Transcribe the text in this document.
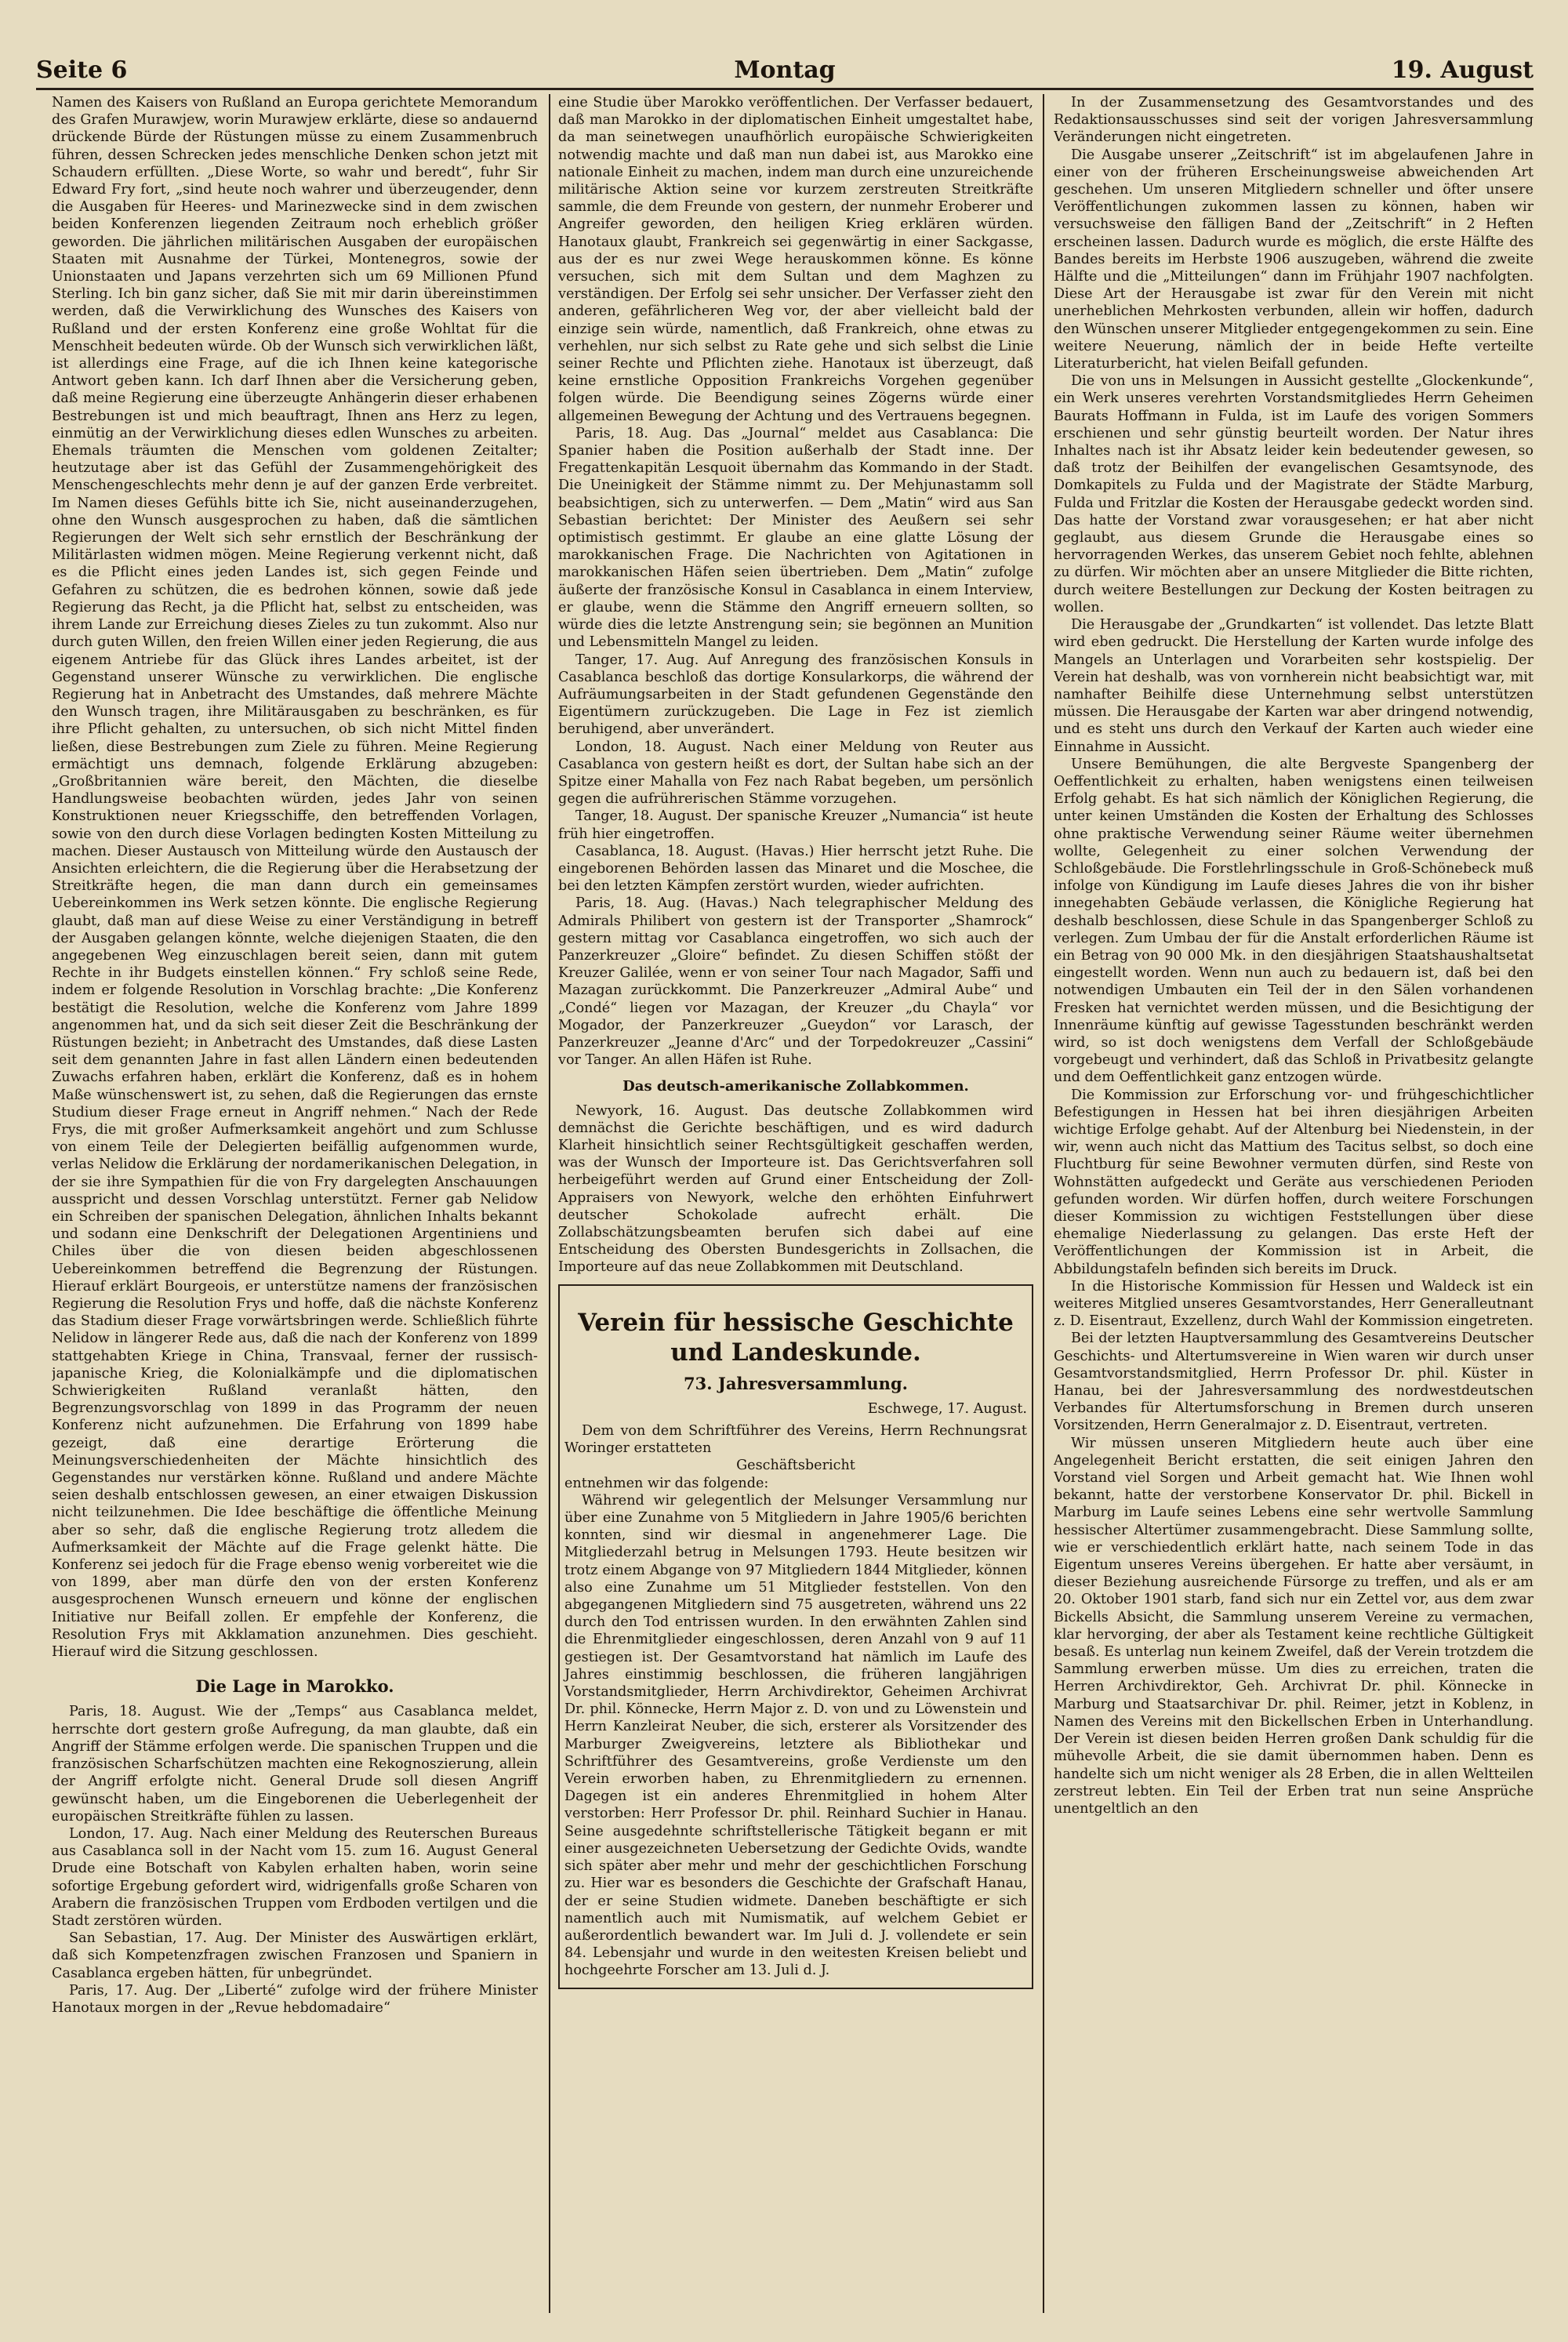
Seite 6	Montag	19. August

Namen des Kaisers von Rußland an Europa gerichtete Memorandum des Grafen Murawjew, worin Murawjew erklärte, diese so andauernd drückende Bürde der Rüstungen müsse zu einem Zusammenbruch führen, dessen Schrecken jedes menschliche Denken schon jetzt mit Schaudern erfüllten. „Diese Worte, so wahr und beredt“, fuhr Sir Edward Fry fort, „sind heute noch wahrer und überzeugender, denn die Ausgaben für Heeres- und Marinezwecke sind in dem zwischen beiden Konferenzen liegenden Zeitraum noch erheblich größer geworden. Die jährlichen militärischen Ausgaben der europäischen Staaten mit Ausnahme der Türkei, Montenegros, sowie der Unionstaaten und Japans verzehrten sich um 69 Millionen Pfund Sterling. Ich bin ganz sicher, daß Sie mit mir darin übereinstimmen werden, daß die Verwirklichung des Wunsches des Kaisers von Rußland und der ersten Konferenz eine große Wohltat für die Menschheit bedeuten würde. Ob der Wunsch sich verwirklichen läßt, ist allerdings eine Frage, auf die ich Ihnen keine kategorische Antwort geben kann. Ich darf Ihnen aber die Versicherung geben, daß meine Regierung eine überzeugte Anhängerin dieser erhabenen Bestrebungen ist und mich beauftragt, Ihnen ans Herz zu legen, einmütig an der Verwirklichung dieses edlen Wunsches zu arbeiten. Ehemals träumten die Menschen vom goldenen Zeitalter; heutzutage aber ist das Gefühl der Zusammengehörigkeit des Menschengeschlechts mehr denn je auf der ganzen Erde verbreitet. Im Namen dieses Gefühls bitte ich Sie, nicht auseinanderzugehen, ohne den Wunsch ausgesprochen zu haben, daß die sämtlichen Regierungen der Welt sich sehr ernstlich der Beschränkung der Militärlasten widmen mögen. Meine Regierung verkennt nicht, daß es die Pflicht eines jeden Landes ist, sich gegen Feinde und Gefahren zu schützen, die es bedrohen können, sowie daß jede Regierung das Recht, ja die Pflicht hat, selbst zu entscheiden, was ihrem Lande zur Erreichung dieses Zieles zu tun zukommt. Also nur durch guten Willen, den freien Willen einer jeden Regierung, die aus eigenem Antriebe für das Glück ihres Landes arbeitet, ist der Gegenstand unserer Wünsche zu verwirklichen. Die englische Regierung hat in Anbetracht des Umstandes, daß mehrere Mächte den Wunsch tragen, ihre Militärausgaben zu beschränken, es für ihre Pflicht gehalten, zu untersuchen, ob sich nicht Mittel finden ließen, diese Bestrebungen zum Ziele zu führen. Meine Regierung ermächtigt uns demnach, folgende Erklärung abzugeben: „Großbritannien wäre bereit, den Mächten, die dieselbe Handlungsweise beobachten würden, jedes Jahr von seinen Konstruktionen neuer Kriegsschiffe, den betreffenden Vorlagen, sowie von den durch diese Vorlagen bedingten Kosten Mitteilung zu machen. Dieser Austausch von Mitteilung würde den Austausch der Ansichten erleichtern, die die Regierung über die Herabsetzung der Streitkräfte hegen, die man dann durch ein gemeinsames Uebereinkommen ins Werk setzen könnte. Die englische Regierung glaubt, daß man auf diese Weise zu einer Verständigung in betreff der Ausgaben gelangen könnte, welche diejenigen Staaten, die den angegebenen Weg einzuschlagen bereit seien, dann mit gutem Rechte in ihr Budgets einstellen können.“ Fry schloß seine Rede, indem er folgende Resolution in Vorschlag brachte: „Die Konferenz bestätigt die Resolution, welche die Konferenz vom Jahre 1899 angenommen hat, und da sich seit dieser Zeit die Beschränkung der Rüstungen bezieht; in Anbetracht des Umstandes, daß diese Lasten seit dem genannten Jahre in fast allen Ländern einen bedeutenden Zuwachs erfahren haben, erklärt die Konferenz, daß es in hohem Maße wünschenswert ist, zu sehen, daß die Regierungen das ernste Studium dieser Frage erneut in Angriff nehmen.“ Nach der Rede Frys, die mit großer Aufmerksamkeit angehört und zum Schlusse von einem Teile der Delegierten beifällig aufgenommen wurde, verlas Nelidow die Erklärung der nordamerikanischen Delegation, in der sie ihre Sympathien für die von Fry dargelegten Anschauungen ausspricht und dessen Vorschlag unterstützt. Ferner gab Nelidow ein Schreiben der spanischen Delegation, ähnlichen Inhalts bekannt und sodann eine Denkschrift der Delegationen Argentiniens und Chiles über die von diesen beiden abgeschlossenen Uebereinkommen betreffend die Begrenzung der Rüstungen. Hierauf erklärt Bourgeois, er unterstütze namens der französischen Regierung die Resolution Frys und hoffe, daß die nächste Konferenz das Stadium dieser Frage vorwärtsbringen werde. Schließlich führte Nelidow in längerer Rede aus, daß die nach der Konferenz von 1899 stattgehabten Kriege in China, Transvaal, ferner der russisch-japanische Krieg, die Kolonialkämpfe und die diplomatischen Schwierigkeiten Rußland veranlaßt hätten, den Begrenzungsvorschlag von 1899 in das Programm der neuen Konferenz nicht aufzunehmen. Die Erfahrung von 1899 habe gezeigt, daß eine derartige Erörterung die Meinungsverschiedenheiten der Mächte hinsichtlich des Gegenstandes nur verstärken könne. Rußland und andere Mächte seien deshalb entschlossen gewesen, an einer etwaigen Diskussion nicht teilzunehmen. Die Idee beschäftige die öffentliche Meinung aber so sehr, daß die englische Regierung trotz alledem die Aufmerksamkeit der Mächte auf die Frage gelenkt hätte. Die Konferenz sei jedoch für die Frage ebenso wenig vorbereitet wie die von 1899, aber man dürfe den von der ersten Konferenz ausgesprochenen Wunsch erneuern und könne der englischen Initiative nur Beifall zollen. Er empfehle der Konferenz, die Resolution Frys mit Akklamation anzunehmen. Dies geschieht. Hierauf wird die Sitzung geschlossen.

Die Lage in Marokko.

Paris, 18. August. Wie der „Temps“ aus Casablanca meldet, herrschte dort gestern große Aufregung, da man glaubte, daß ein Angriff der Stämme erfolgen werde. Die spanischen Truppen und die französischen Scharfschützen machten eine Rekognoszierung, allein der Angriff erfolgte nicht. General Drude soll diesen Angriff gewünscht haben, um die Eingeborenen die Ueberlegenheit der europäischen Streitkräfte fühlen zu lassen.

London, 17. Aug. Nach einer Meldung des Reuterschen Bureaus aus Casablanca soll in der Nacht vom 15. zum 16. August General Drude eine Botschaft von Kabylen erhalten haben, worin seine sofortige Ergebung gefordert wird, widrigenfalls große Scharen von Arabern die französischen Truppen vom Erdboden vertilgen und die Stadt zerstören würden.

San Sebastian, 17. Aug. Der Minister des Auswärtigen erklärt, daß sich Kompetenzfragen zwischen Franzosen und Spaniern in Casablanca ergeben hätten, für unbegründet.

Paris, 17. Aug. Der „Liberté“ zufolge wird der frühere Minister Hanotaux morgen in der „Revue hebdomadaire“

eine Studie über Marokko veröffentlichen. Der Verfasser bedauert, daß man Marokko in der diplomatischen Einheit umgestaltet habe, da man seinetwegen unaufhörlich europäische Schwierigkeiten notwendig machte und daß man nun dabei ist, aus Marokko eine nationale Einheit zu machen, indem man durch eine unzureichende militärische Aktion seine vor kurzem zerstreuten Streitkräfte sammle, die dem Freunde von gestern, der nunmehr Eroberer und Angreifer geworden, den heiligen Krieg erklären würden. Hanotaux glaubt, Frankreich sei gegenwärtig in einer Sackgasse, aus der es nur zwei Wege herauskommen könne. Es könne versuchen, sich mit dem Sultan und dem Maghzen zu verständigen. Der Erfolg sei sehr unsicher. Der Verfasser zieht den anderen, gefährlicheren Weg vor, der aber vielleicht bald der einzige sein würde, namentlich, daß Frankreich, ohne etwas zu verhehlen, nur sich selbst zu Rate gehe und sich selbst die Linie seiner Rechte und Pflichten ziehe. Hanotaux ist überzeugt, daß keine ernstliche Opposition Frankreichs Vorgehen gegenüber folgen würde. Die Beendigung seines Zögerns würde einer allgemeinen Bewegung der Achtung und des Vertrauens begegnen.

Paris, 18. Aug. Das „Journal“ meldet aus Casablanca: Die Spanier haben die Position außerhalb der Stadt inne. Der Fregattenkapitän Lesquoit übernahm das Kommando in der Stadt. Die Uneinigkeit der Stämme nimmt zu. Der Mehjunastamm soll beabsichtigen, sich zu unterwerfen. — Dem „Matin“ wird aus San Sebastian berichtet: Der Minister des Aeußern sei sehr optimistisch gestimmt. Er glaube an eine glatte Lösung der marokkanischen Frage. Die Nachrichten von Agitationen in marokkanischen Häfen seien übertrieben. Dem „Matin“ zufolge äußerte der französische Konsul in Casablanca in einem Interview, er glaube, wenn die Stämme den Angriff erneuern sollten, so würde dies die letzte Anstrengung sein; sie begönnen an Munition und Lebensmitteln Mangel zu leiden.

Tanger, 17. Aug. Auf Anregung des französischen Konsuls in Casablanca beschloß das dortige Konsularkorps, die während der Aufräumungsarbeiten in der Stadt gefundenen Gegenstände den Eigentümern zurückzugeben. Die Lage in Fez ist ziemlich beruhigend, aber unverändert.

London, 18. August. Nach einer Meldung von Reuter aus Casablanca von gestern heißt es dort, der Sultan habe sich an der Spitze einer Mahalla von Fez nach Rabat begeben, um persönlich gegen die aufrührerischen Stämme vorzugehen.

Tanger, 18. August. Der spanische Kreuzer „Numancia“ ist heute früh hier eingetroffen.

Casablanca, 18. August. (Havas.) Hier herrscht jetzt Ruhe. Die eingeborenen Behörden lassen das Minaret und die Moschee, die bei den letzten Kämpfen zerstört wurden, wieder aufrichten.

Paris, 18. Aug. (Havas.) Nach telegraphischer Meldung des Admirals Philibert von gestern ist der Transporter „Shamrock“ gestern mittag vor Casablanca eingetroffen, wo sich auch der Panzerkreuzer „Gloire“ befindet. Zu diesen Schiffen stößt der Kreuzer Galilée, wenn er von seiner Tour nach Magador, Saffi und Mazagan zurückkommt. Die Panzerkreuzer „Admiral Aube“ und „Condé“ liegen vor Mazagan, der Kreuzer „du Chayla“ vor Mogador, der Panzerkreuzer „Gueydon“ vor Larasch, der Panzerkreuzer „Jeanne d'Arc“ und der Torpedokreuzer „Cassini“ vor Tanger. An allen Häfen ist Ruhe.

Das deutsch-amerikanische Zollabkommen.

Newyork, 16. August. Das deutsche Zollabkommen wird demnächst die Gerichte beschäftigen, und es wird dadurch Klarheit hinsichtlich seiner Rechtsgültigkeit geschaffen werden, was der Wunsch der Importeure ist. Das Gerichtsverfahren soll herbeigeführt werden auf Grund einer Entscheidung der Zoll-Appraisers von Newyork, welche den erhöhten Einfuhrwert deutscher Schokolade aufrecht erhält. Die Zollabschätzungsbeamten berufen sich dabei auf eine Entscheidung des Obersten Bundesgerichts in Zollsachen, die Importeure auf das neue Zollabkommen mit Deutschland.

Verein für hessische Geschichte und Landeskunde.
73. Jahresversammlung.
Eschwege, 17. August.

Dem von dem Schriftführer des Vereins, Herrn Rechnungsrat Woringer erstatteten

Geschäftsbericht

entnehmen wir das folgende:

Während wir gelegentlich der Melsunger Versammlung nur über eine Zunahme von 5 Mitgliedern in Jahre 1905/6 berichten konnten, sind wir diesmal in angenehmerer Lage. Die Mitgliederzahl betrug in Melsungen 1793. Heute besitzen wir trotz einem Abgange von 97 Mitgliedern 1844 Mitglieder, können also eine Zunahme um 51 Mitglieder feststellen. Von den abgegangenen Mitgliedern sind 75 ausgetreten, während uns 22 durch den Tod entrissen wurden. In den erwähnten Zahlen sind die Ehrenmitglieder eingeschlossen, deren Anzahl von 9 auf 11 gestiegen ist. Der Gesamtvorstand hat nämlich im Laufe des Jahres einstimmig beschlossen, die früheren langjährigen Vorstandsmitglieder, Herrn Archivdirektor, Geheimen Archivrat Dr. phil. Könnecke, Herrn Major z. D. von und zu Löwenstein und Herrn Kanzleirat Neuber, die sich, ersterer als Vorsitzender des Marburger Zweigvereins, letztere als Bibliothekar und Schriftführer des Gesamtvereins, große Verdienste um den Verein erworben haben, zu Ehrenmitgliedern zu ernennen. Dagegen ist ein anderes Ehrenmitglied in hohem Alter verstorben: Herr Professor Dr. phil. Reinhard Suchier in Hanau. Seine ausgedehnte schriftstellerische Tätigkeit begann er mit einer ausgezeichneten Uebersetzung der Gedichte Ovids, wandte sich später aber mehr und mehr der geschichtlichen Forschung zu. Hier war es besonders die Geschichte der Grafschaft Hanau, der er seine Studien widmete. Daneben beschäftigte er sich namentlich auch mit Numismatik, auf welchem Gebiet er außerordentlich bewandert war. Im Juli d. J. vollendete er sein 84. Lebensjahr und wurde in den weitesten Kreisen beliebt und hochgeehrte Forscher am 13. Juli d. J.

In der Zusammensetzung des Gesamtvorstandes und des Redaktionsausschusses sind seit der vorigen Jahresversammlung Veränderungen nicht eingetreten.

Die Ausgabe unserer „Zeitschrift“ ist im abgelaufenen Jahre in einer von der früheren Erscheinungsweise abweichenden Art geschehen. Um unseren Mitgliedern schneller und öfter unsere Veröffentlichungen zukommen lassen zu können, haben wir versuchsweise den fälligen Band der „Zeitschrift“ in 2 Heften erscheinen lassen. Dadurch wurde es möglich, die erste Hälfte des Bandes bereits im Herbste 1906 auszugeben, während die zweite Hälfte und die „Mitteilungen“ dann im Frühjahr 1907 nachfolgten. Diese Art der Herausgabe ist zwar für den Verein mit nicht unerheblichen Mehrkosten verbunden, allein wir hoffen, dadurch den Wünschen unserer Mitglieder entgegengekommen zu sein. Eine weitere Neuerung, nämlich der in beide Hefte verteilte Literaturbericht, hat vielen Beifall gefunden.

Die von uns in Melsungen in Aussicht gestellte „Glockenkunde“, ein Werk unseres verehrten Vorstandsmitgliedes Herrn Geheimen Baurats Hoffmann in Fulda, ist im Laufe des vorigen Sommers erschienen und sehr günstig beurteilt worden. Der Natur ihres Inhaltes nach ist ihr Absatz leider kein bedeutender gewesen, so daß trotz der Beihilfen der evangelischen Gesamtsynode, des Domkapitels zu Fulda und der Magistrate der Städte Marburg, Fulda und Fritzlar die Kosten der Herausgabe gedeckt worden sind. Das hatte der Vorstand zwar vorausgesehen; er hat aber nicht geglaubt, aus diesem Grunde die Herausgabe eines so hervorragenden Werkes, das unserem Gebiet noch fehlte, ablehnen zu dürfen. Wir möchten aber an unsere Mitglieder die Bitte richten, durch weitere Bestellungen zur Deckung der Kosten beitragen zu wollen.

Die Herausgabe der „Grundkarten“ ist vollendet. Das letzte Blatt wird eben gedruckt. Die Herstellung der Karten wurde infolge des Mangels an Unterlagen und Vorarbeiten sehr kostspielig. Der Verein hat deshalb, was von vornherein nicht beabsichtigt war, mit namhafter Beihilfe diese Unternehmung selbst unterstützen müssen. Die Herausgabe der Karten war aber dringend notwendig, und es steht uns durch den Verkauf der Karten auch wieder eine Einnahme in Aussicht.

Unsere Bemühungen, die alte Bergveste Spangenberg der Oeffentlichkeit zu erhalten, haben wenigstens einen teilweisen Erfolg gehabt. Es hat sich nämlich der Königlichen Regierung, die unter keinen Umständen die Kosten der Erhaltung des Schlosses ohne praktische Verwendung seiner Räume weiter übernehmen wollte, Gelegenheit zu einer solchen Verwendung der Schloßgebäude. Die Forstlehrlingsschule in Groß-Schönebeck muß infolge von Kündigung im Laufe dieses Jahres die von ihr bisher innegehabten Gebäude verlassen, die Königliche Regierung hat deshalb beschlossen, diese Schule in das Spangenberger Schloß zu verlegen. Zum Umbau der für die Anstalt erforderlichen Räume ist ein Betrag von 90 000 Mk. in den diesjährigen Staatshaushaltsetat eingestellt worden. Wenn nun auch zu bedauern ist, daß bei den notwendigen Umbauten ein Teil der in den Sälen vorhandenen Fresken hat vernichtet werden müssen, und die Besichtigung der Innenräume künftig auf gewisse Tagesstunden beschränkt werden wird, so ist doch wenigstens dem Verfall der Schloßgebäude vorgebeugt und verhindert, daß das Schloß in Privatbesitz gelangte und dem Oeffentlichkeit ganz entzogen würde.

Die Kommission zur Erforschung vor- und frühgeschichtlicher Befestigungen in Hessen hat bei ihren diesjährigen Arbeiten wichtige Erfolge gehabt. Auf der Altenburg bei Niedenstein, in der wir, wenn auch nicht das Mattium des Tacitus selbst, so doch eine Fluchtburg für seine Bewohner vermuten dürfen, sind Reste von Wohnstätten aufgedeckt und Geräte aus verschiedenen Perioden gefunden worden. Wir dürfen hoffen, durch weitere Forschungen dieser Kommission zu wichtigen Feststellungen über diese ehemalige Niederlassung zu gelangen. Das erste Heft der Veröffentlichungen der Kommission ist in Arbeit, die Abbildungstafeln befinden sich bereits im Druck.

In die Historische Kommission für Hessen und Waldeck ist ein weiteres Mitglied unseres Gesamtvorstandes, Herr Generalleutnant z. D. Eisentraut, Exzellenz, durch Wahl der Kommission eingetreten.

Bei der letzten Hauptversammlung des Gesamtvereins Deutscher Geschichts- und Altertumsvereine in Wien waren wir durch unser Gesamtvorstandsmitglied, Herrn Professor Dr. phil. Küster in Hanau, bei der Jahresversammlung des nordwestdeutschen Verbandes für Altertumsforschung in Bremen durch unseren Vorsitzenden, Herrn Generalmajor z. D. Eisentraut, vertreten.

Wir müssen unseren Mitgliedern heute auch über eine Angelegenheit Bericht erstatten, die seit einigen Jahren den Vorstand viel Sorgen und Arbeit gemacht hat. Wie Ihnen wohl bekannt, hatte der verstorbene Konservator Dr. phil. Bickell in Marburg im Laufe seines Lebens eine sehr wertvolle Sammlung hessischer Altertümer zusammengebracht. Diese Sammlung sollte, wie er verschiedentlich erklärt hatte, nach seinem Tode in das Eigentum unseres Vereins übergehen. Er hatte aber versäumt, in dieser Beziehung ausreichende Fürsorge zu treffen, und als er am 20. Oktober 1901 starb, fand sich nur ein Zettel vor, aus dem zwar Bickells Absicht, die Sammlung unserem Vereine zu vermachen, klar hervorging, der aber als Testament keine rechtliche Gültigkeit besaß. Es unterlag nun keinem Zweifel, daß der Verein trotzdem die Sammlung erwerben müsse. Um dies zu erreichen, traten die Herren Archivdirektor, Geh. Archivrat Dr. phil. Könnecke in Marburg und Staatsarchivar Dr. phil. Reimer, jetzt in Koblenz, in Namen des Vereins mit den Bickellschen Erben in Unterhandlung. Der Verein ist diesen beiden Herren großen Dank schuldig für die mühevolle Arbeit, die sie damit übernommen haben. Denn es handelte sich um nicht weniger als 28 Erben, die in allen Weltteilen zerstreut lebten. Ein Teil der Erben trat nun seine Ansprüche unentgeltlich an den
